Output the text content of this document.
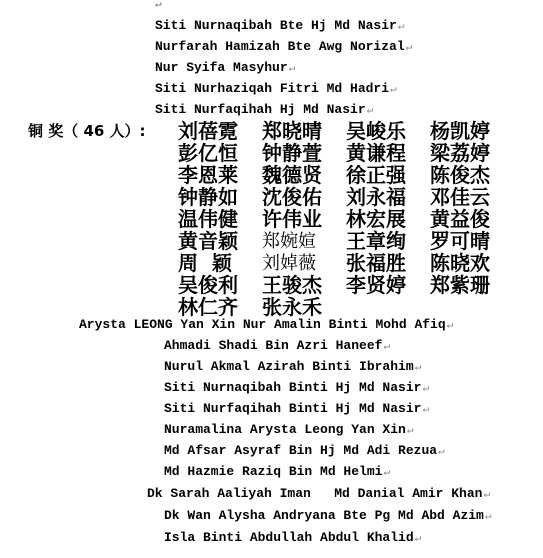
↵
Siti Nurnaqibah Bte Hj Md Nasir↵
Nurfarah Hamizah Bte Awg Norizal↵
Nur Syifa Masyhur↵
Siti Nurhaziqah Fitri Md Hadri↵
Siti Nurfaqihah Hj Md Nasir↵
铜 奖（ 46 人）: 刘蓓霓 郑晓晴 吴峻乐 杨凯婷
彭亿恒 钟静萱 黄谦程 梁荔婷
李恩莱 魏德贤 徐正强 陈俊杰
钟静如 沈俊佑 刘永福 邓佳云
温伟健 许伟业 林宏展 黄益俊
黄音颖 郑婉媗 王章绚 罗可晴
周  颖 刘婥薇 张福胜 陈晓欢
吴俊利 王骏杰 李贤婷 郑紫珊
林仁齐 张永禾
Arysta LEONG Yan Xin Nur Amalin Binti Mohd Afiq↵
Ahmadi Shadi Bin Azri Haneef↵
Nurul Akmal Azirah Binti Ibrahim↵
Siti Nurnaqibah Binti Hj Md Nasir↵
Siti Nurfaqihah Binti Hj Md Nasir↵
Nuramalina Arysta Leong Yan Xin↵
Md Afsar Asyraf Bin Hj Md Adi Rezua↵
Md Hazmie Raziq Bin Md Helmi↵
Dk Sarah Aaliyah Iman   Md Danial Amir Khan↵
Dk Wan Alysha Andryana Bte Pg Md Abd Azim↵
Isla Binti Abdullah Abdul Khalid↵
